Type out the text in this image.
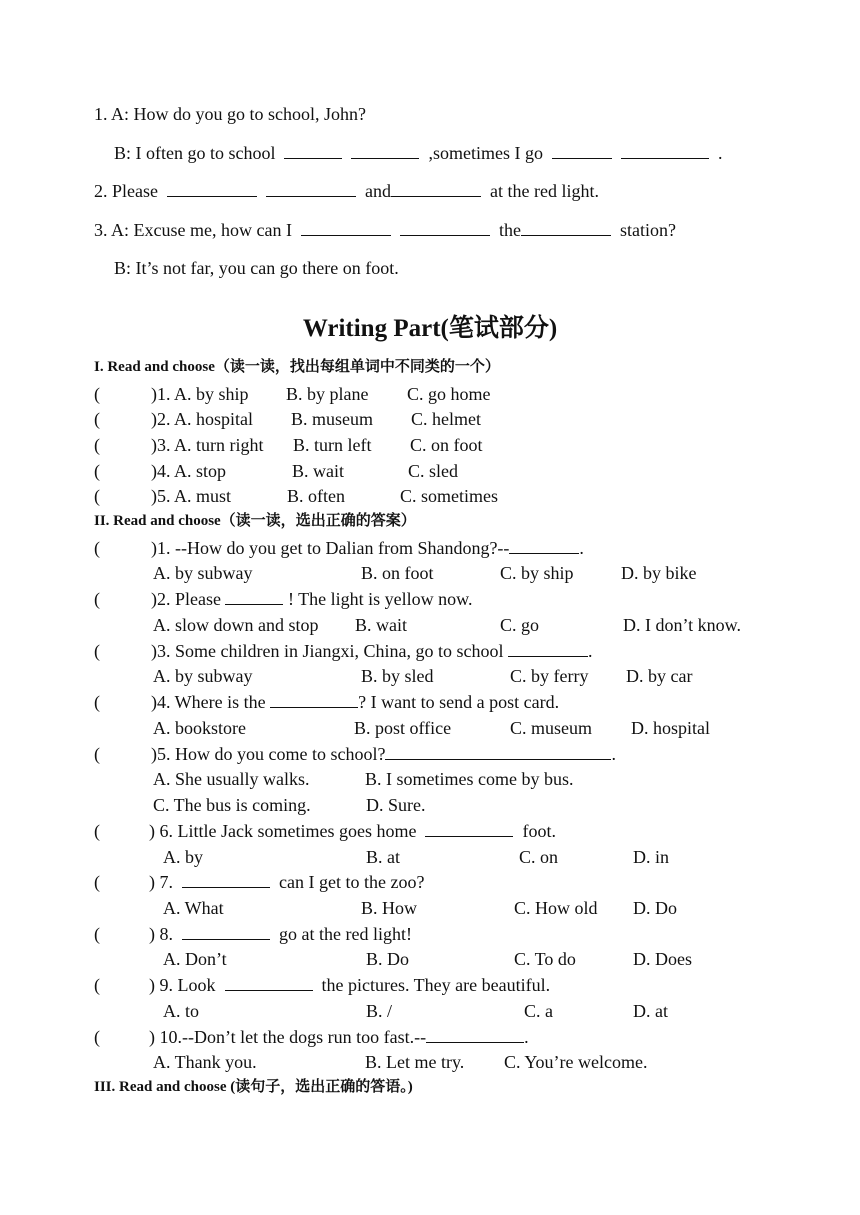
1. A: How do you go to school, John?
B: I often go to school	,sometimes I go	.
2. Please	and	at the red light.
3. A: Excuse me, how can I	the	station?
B: It’s not far, you can go there on foot.
Writing Part(笔试部分)
I. Read and choose（读一读，找出每组单词中不同类的一个）
(	)1. A. by ship B. by plane C. go home
(	)2. A. hospital B. museum C. helmet
(	)3. A. turn right B. turn left C. on foot
(	)4. A. stop	B. wait	C. sled
(	)5. A. must	B. often	C. sometimes
II. Read and choose（读一读，选出正确的答案）
(	)1. --How do you get to Dalian from Shandong?--	.
A. by subway	B. on foot	C. by ship	D. by bike
(	)2. Please	! The light is yellow now.
A. slow down and stop B. wait	C. go	D. I don’t know.
(	)3. Some children in Jiangxi, China, go to school	.
A. by subway	B. by sled	C. by ferry D. by car
(	)4. Where is the	? I want to send a post card.
A. bookstore	B. post office	C. museum D. hospital
(	)5. How do you come to school?	.
A. She usually walks.	B. I sometimes come by bus.
C. The bus is coming.	D. Sure.
(	) 6. Little Jack sometimes goes home	foot.
A. by	B. at	C. on	D. in
(	) 7.	can I get to the zoo?
A. What	B. How	C. How old D. Do
(	) 8.	go at the red light!
A. Don’t	B. Do	C. To do	D. Does
(	) 9. Look	the pictures. They are beautiful.
A. to	B. /	C. a	D. at
(	) 10.--Don’t let the dogs run too fast.--	.
A. Thank you.	B. Let me try. C. You’re welcome.
III. Read and choose (读句子，选出正确的答语。)
